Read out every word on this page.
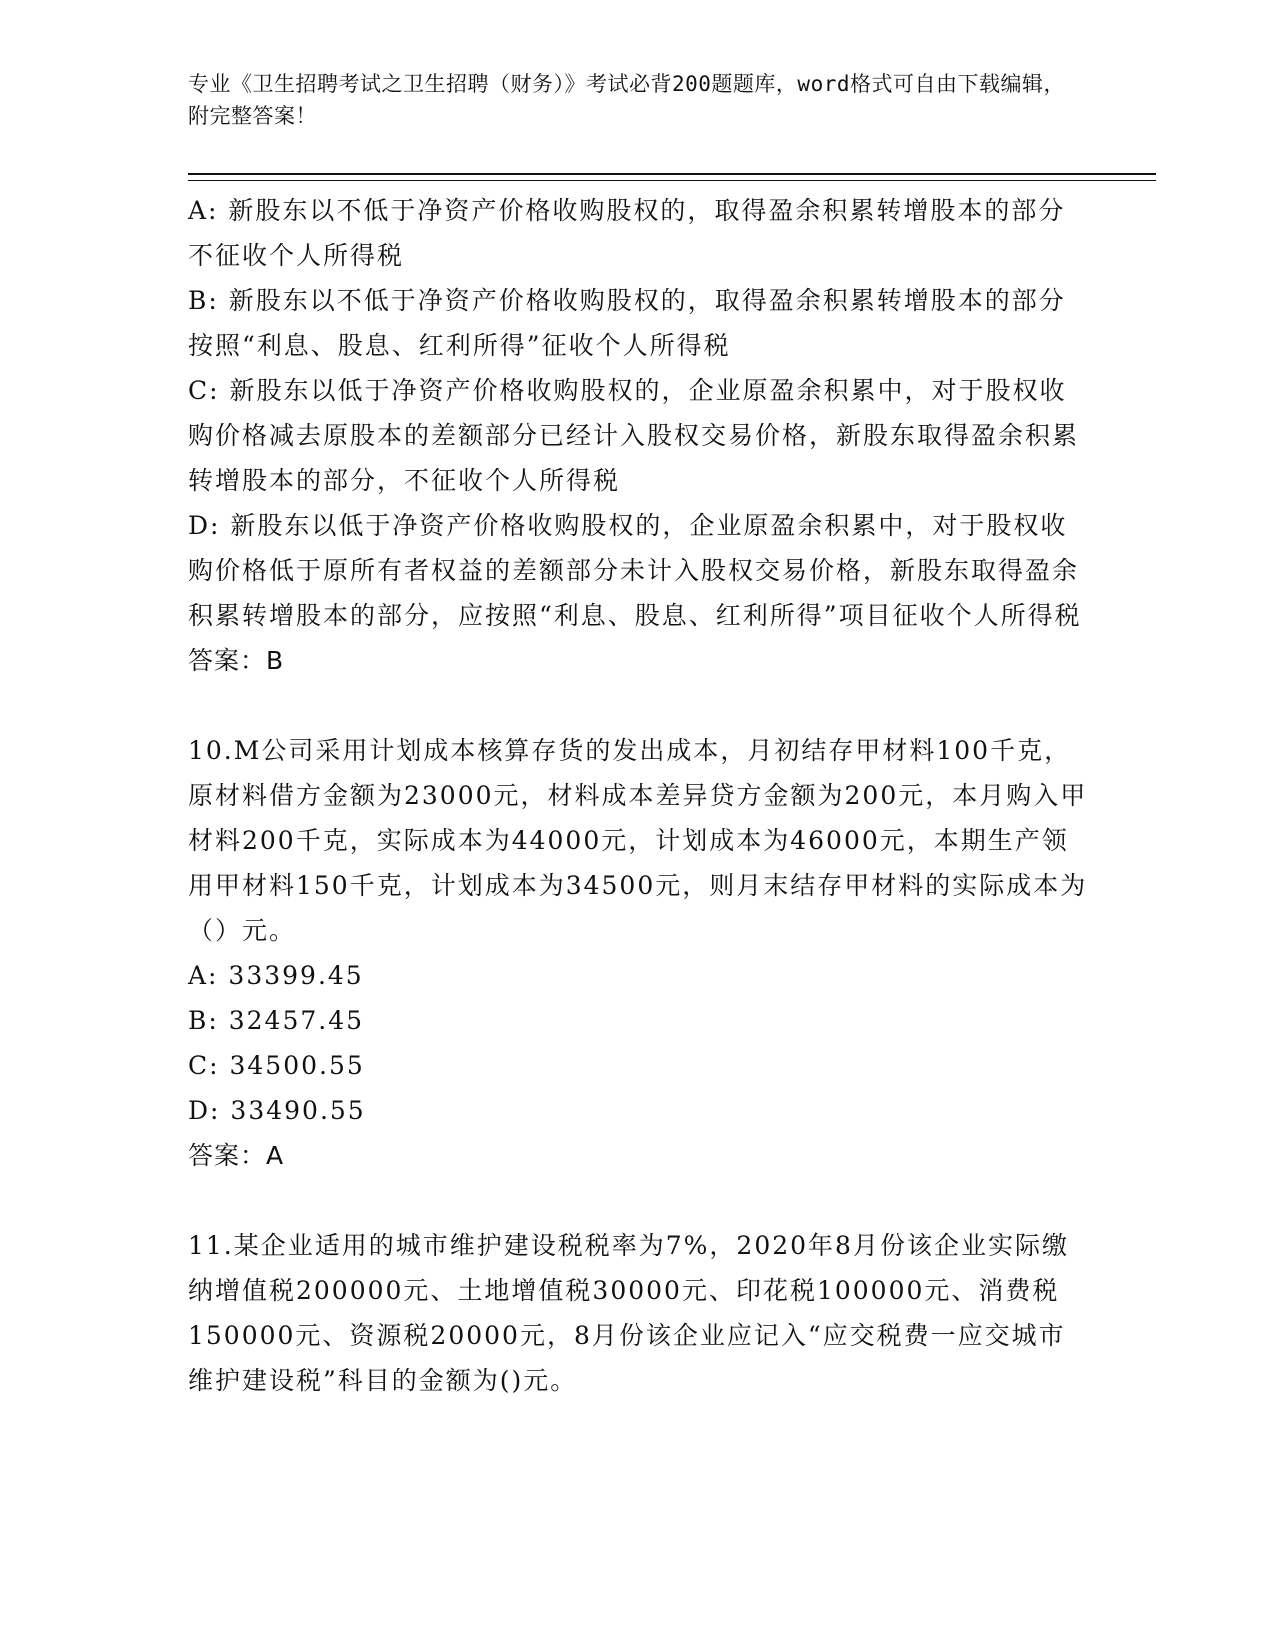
专业《卫生招聘考试之卫生招聘（财务）》考试必背200题题库，word格式可自由下载编辑，附完整答案！

A: 新股东以不低于净资产价格收购股权的，取得盈余积累转增股本的部分不征收个人所得税

B: 新股东以不低于净资产价格收购股权的，取得盈余积累转增股本的部分按照“利息、股息、红利所得”征收个人所得税

C: 新股东以低于净资产价格收购股权的，企业原盈余积累中，对于股权收购价格减去原股本的差额部分已经计入股权交易价格，新股东取得盈余积累转增股本的部分，不征收个人所得税

D: 新股东以低于净资产价格收购股权的，企业原盈余积累中，对于股权收购价格低于原所有者权益的差额部分未计入股权交易价格，新股东取得盈余积累转增股本的部分，应按照“利息、股息、红利所得”项目征收个人所得税

答案：B

10.M公司采用计划成本核算存货的发出成本，月初结存甲材料100千克，原材料借方金额为23000元，材料成本差异贷方金额为200元，本月购入甲材料200千克，实际成本为44000元，计划成本为46000元，本期生产领用甲材料150千克，计划成本为34500元，则月末结存甲材料的实际成本为（）元。

A: 33399.45

B: 32457.45

C: 34500.55

D: 33490.55

答案：A

11.某企业适用的城市维护建设税税率为7%，2020年8月份该企业实际缴纳增值税200000元、土地增值税30000元、印花税100000元、消费税150000元、资源税20000元，8月份该企业应记入“应交税费一应交城市维护建设税”科目的金额为()元。
